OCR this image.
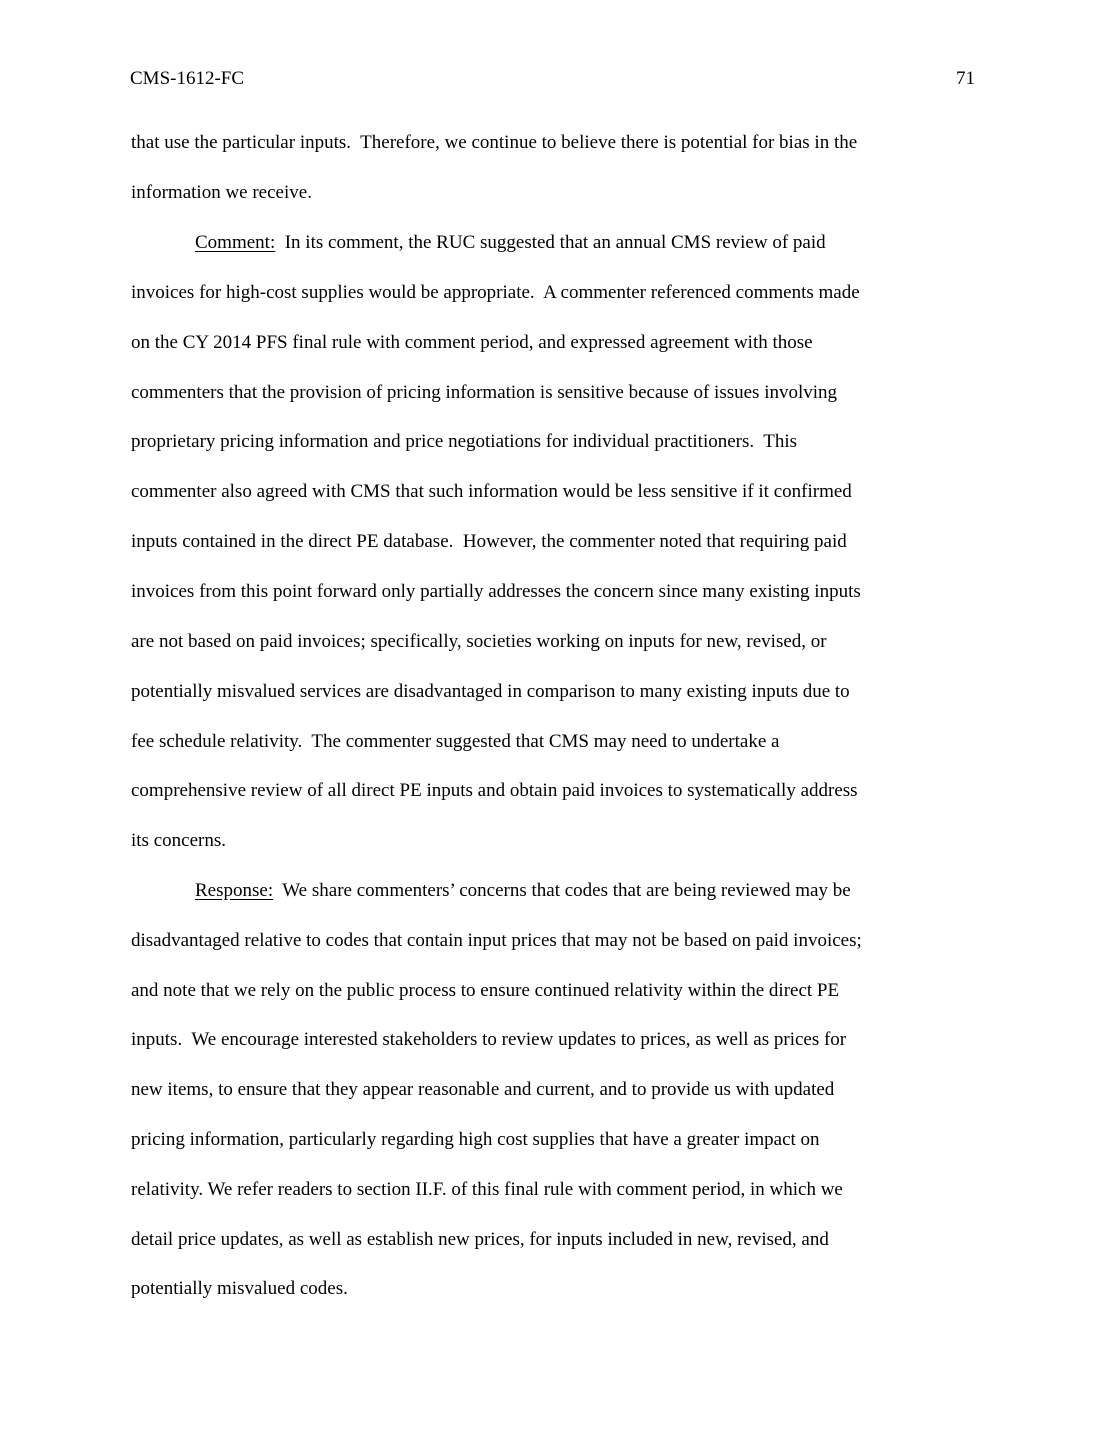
CMS-1612-FC	71
that use the particular inputs.  Therefore, we continue to believe there is potential for bias in the
information we receive.
Comment:  In its comment, the RUC suggested that an annual CMS review of paid
invoices for high-cost supplies would be appropriate.  A commenter referenced comments made
on the CY 2014 PFS final rule with comment period, and expressed agreement with those
commenters that the provision of pricing information is sensitive because of issues involving
proprietary pricing information and price negotiations for individual practitioners.  This
commenter also agreed with CMS that such information would be less sensitive if it confirmed
inputs contained in the direct PE database.  However, the commenter noted that requiring paid
invoices from this point forward only partially addresses the concern since many existing inputs
are not based on paid invoices; specifically, societies working on inputs for new, revised, or
potentially misvalued services are disadvantaged in comparison to many existing inputs due to
fee schedule relativity.  The commenter suggested that CMS may need to undertake a
comprehensive review of all direct PE inputs and obtain paid invoices to systematically address
its concerns.
Response:  We share commenters’ concerns that codes that are being reviewed may be
disadvantaged relative to codes that contain input prices that may not be based on paid invoices;
and note that we rely on the public process to ensure continued relativity within the direct PE
inputs.  We encourage interested stakeholders to review updates to prices, as well as prices for
new items, to ensure that they appear reasonable and current, and to provide us with updated
pricing information, particularly regarding high cost supplies that have a greater impact on
relativity. We refer readers to section II.F. of this final rule with comment period, in which we
detail price updates, as well as establish new prices, for inputs included in new, revised, and
potentially misvalued codes.
